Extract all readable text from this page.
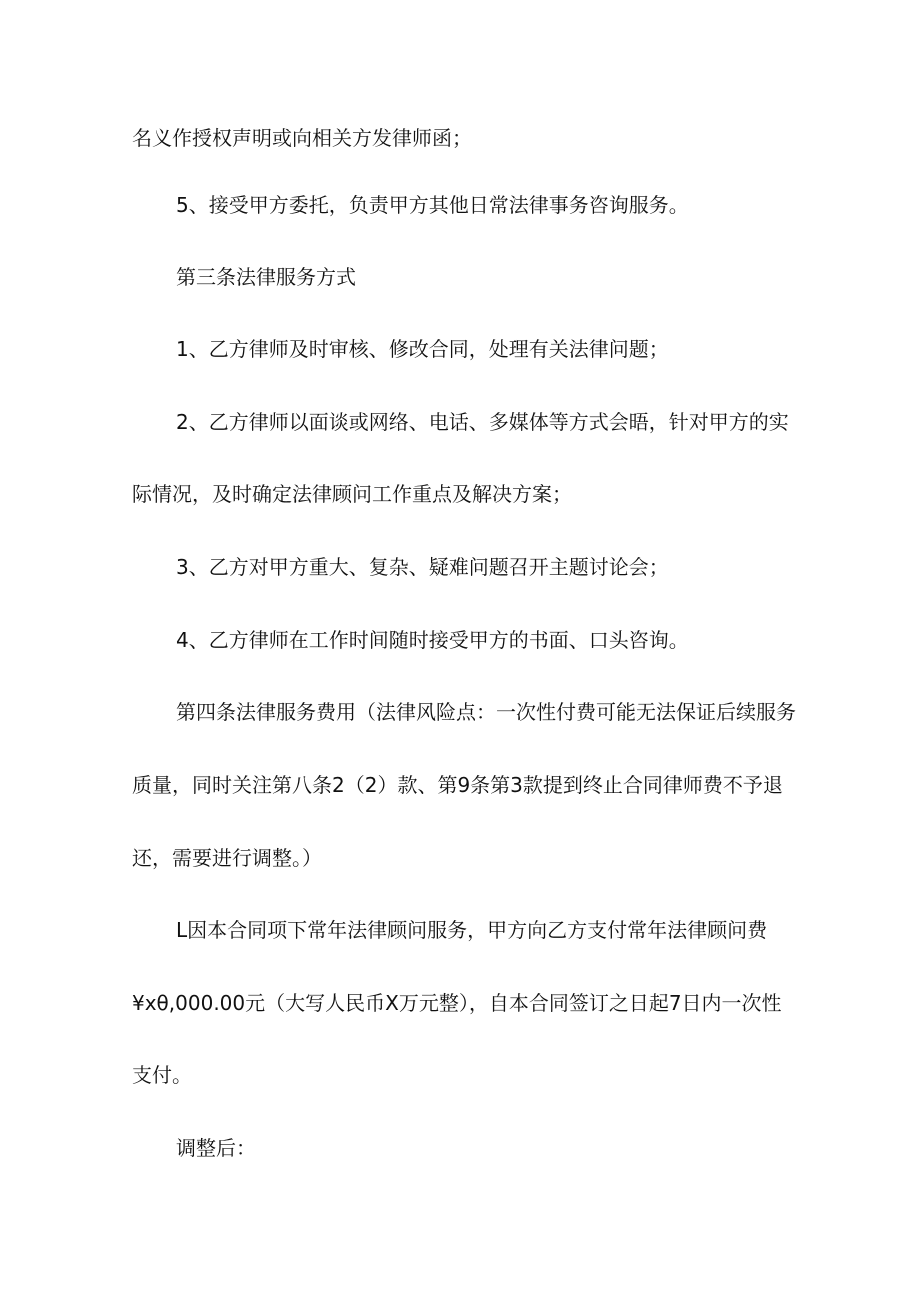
名义作授权声明或向相关方发律师函；
5、接受甲方委托，负责甲方其他日常法律事务咨询服务。
第三条法律服务方式
1、乙方律师及时审核、修改合同，处理有关法律问题；
2、乙方律师以面谈或网络、电话、多媒体等方式会晤，针对甲方的实
际情况，及时确定法律顾问工作重点及解决方案；
3、乙方对甲方重大、复杂、疑难问题召开主题讨论会；
4、乙方律师在工作时间随时接受甲方的书面、口头咨询。
第四条法律服务费用（法律风险点：一次性付费可能无法保证后续服务
质量，同时关注第八条2（2）款、第9条第3款提到终止合同律师费不予退
还，需要进行调整。）
L因本合同项下常年法律顾问服务，甲方向乙方支付常年法律顾问费
¥xθ,000.00元（大写人民币X万元整），自本合同签订之日起7日内一次性
支付。
调整后：
